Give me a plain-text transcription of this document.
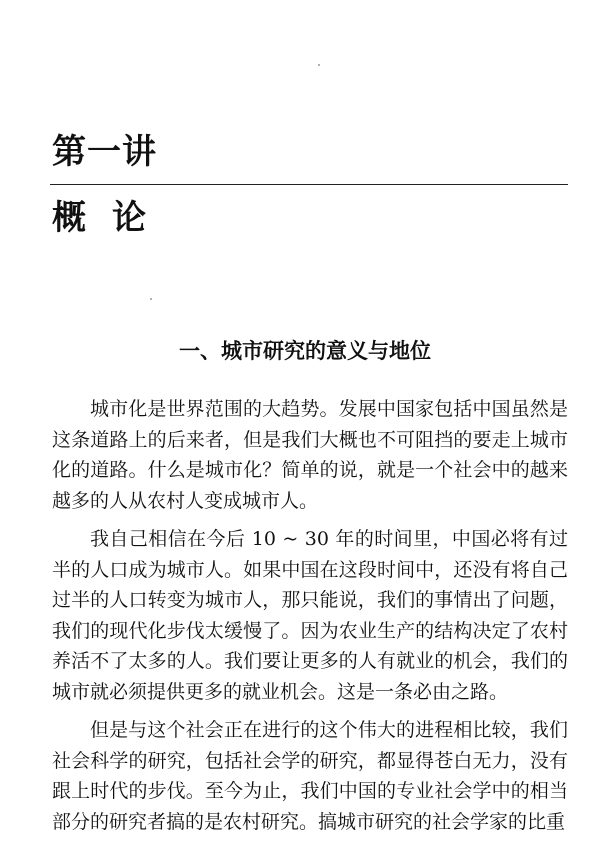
第一讲
概论
一、城市研究的意义与地位

城市化是世界范围的大趋势。发展中国家包括中国虽然是这条道路上的后来者，但是我们大概也不可阻挡的要走上城市化的道路。什么是城市化？简单的说，就是一个社会中的越来越多的人从农村人变成城市人。

我自己相信在今后 10 ~ 30 年的时间里，中国必将有过半的人口成为城市人。如果中国在这段时间中，还没有将自己过半的人口转变为城市人，那只能说，我们的事情出了问题，我们的现代化步伐太缓慢了。因为农业生产的结构决定了农村养活不了太多的人。我们要让更多的人有就业的机会，我们的城市就必须提供更多的就业机会。这是一条必由之路。

但是与这个社会正在进行的这个伟大的进程相比较，我们社会科学的研究，包括社会学的研究，都显得苍白无力，没有跟上时代的步伐。至今为止，我们中国的专业社会学中的相当部分的研究者搞的是农村研究。搞城市研究的社会学家的比重
